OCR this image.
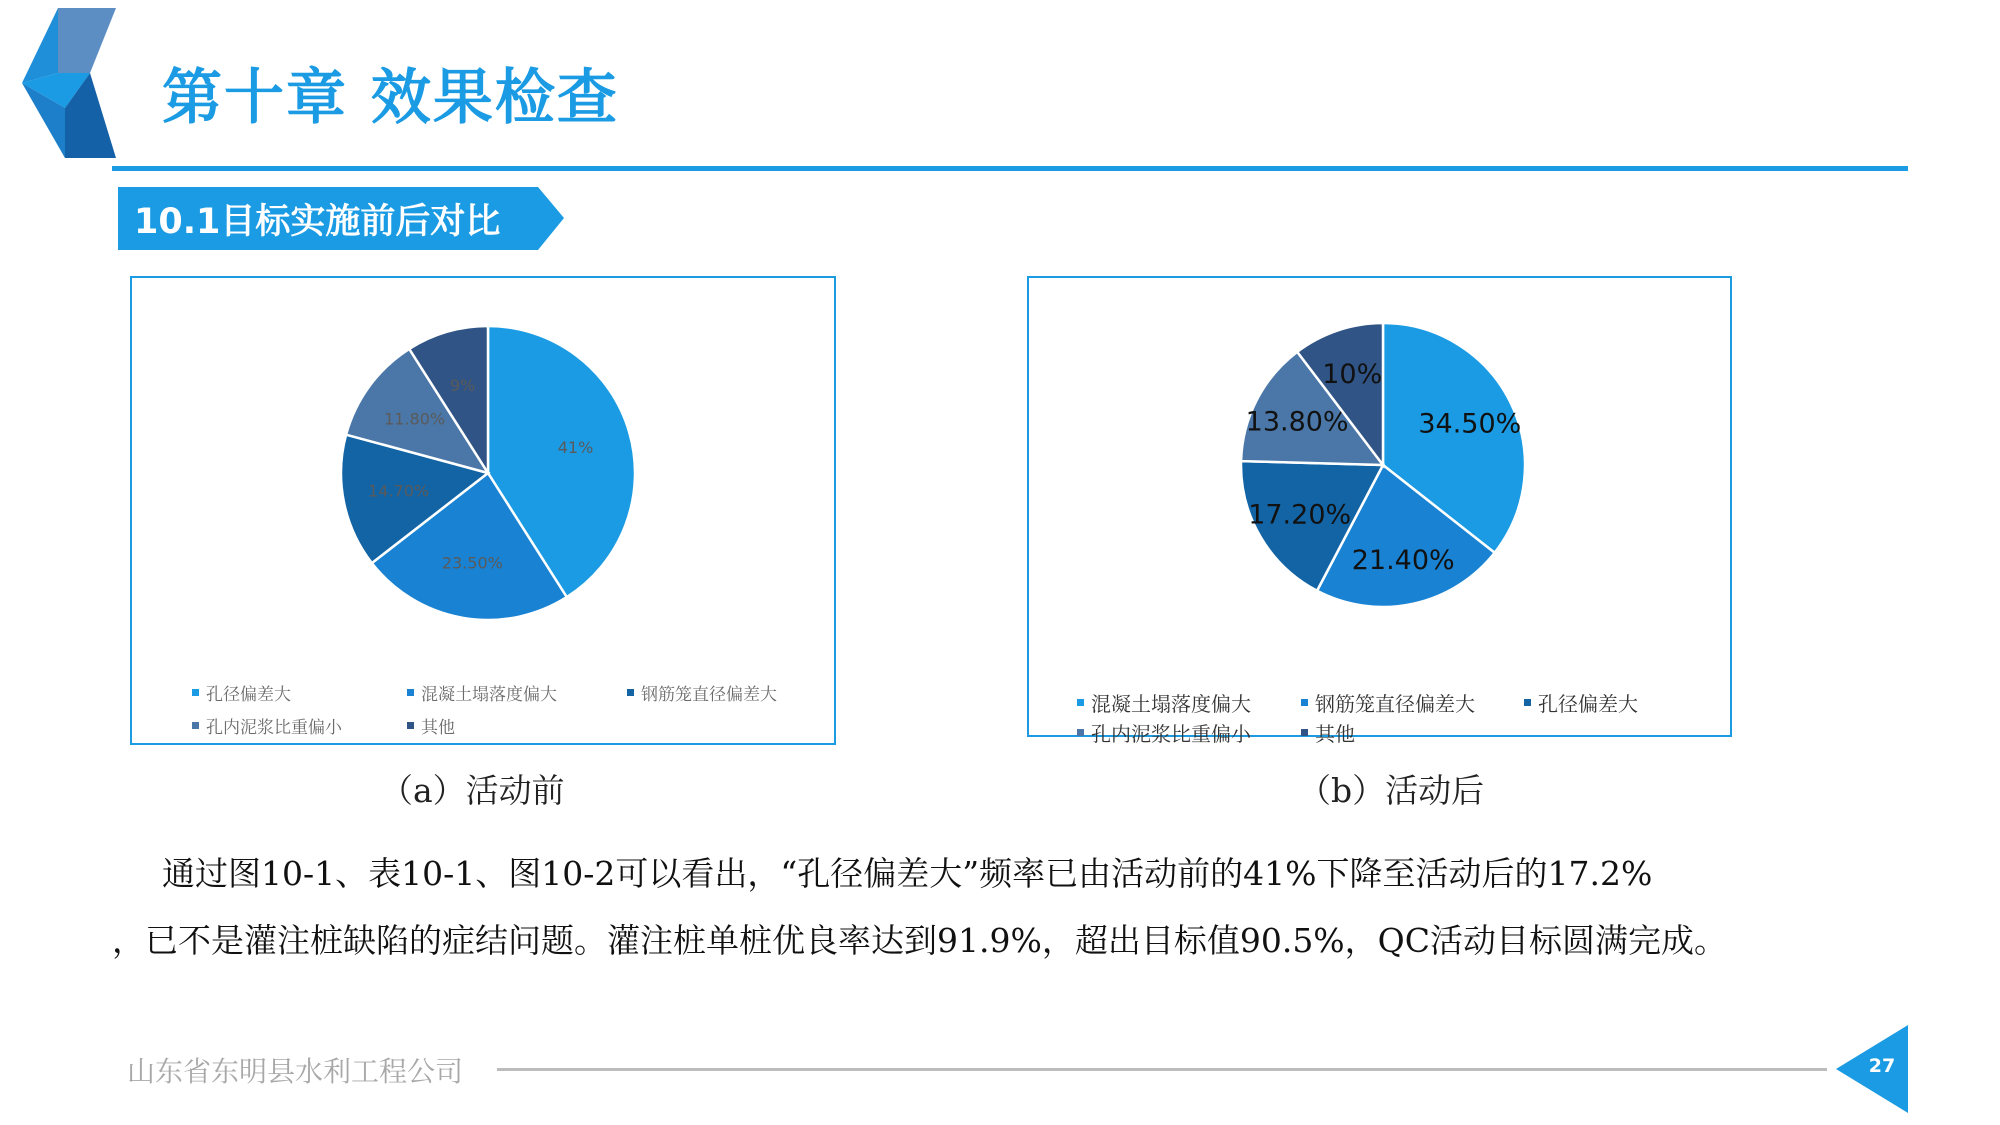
第十章 效果检查
10.1目标实施前后对比
41%
23.50%
14.70%
11.80%
9%
孔径偏差大	混凝土塌落度偏大	钢筋笼直径偏差大
孔内泥浆比重偏小	其他
34.50%
21.40%
17.20%
13.80%
10%
混凝土塌落度偏大	钢筋笼直径偏差大	孔径偏差大
孔内泥浆比重偏小	其他
（a）活动前	（b）活动后
通过图10-1、表10-1、图10-2可以看出，“孔径偏差大”频率已由活动前的41%下降至活动后的17.2%
，已不是灌注桩缺陷的症结问题。灌注桩单桩优良率达到91.9%，超出目标值90.5%，QC活动目标圆满完成。
山东省东明县水利工程公司	27
